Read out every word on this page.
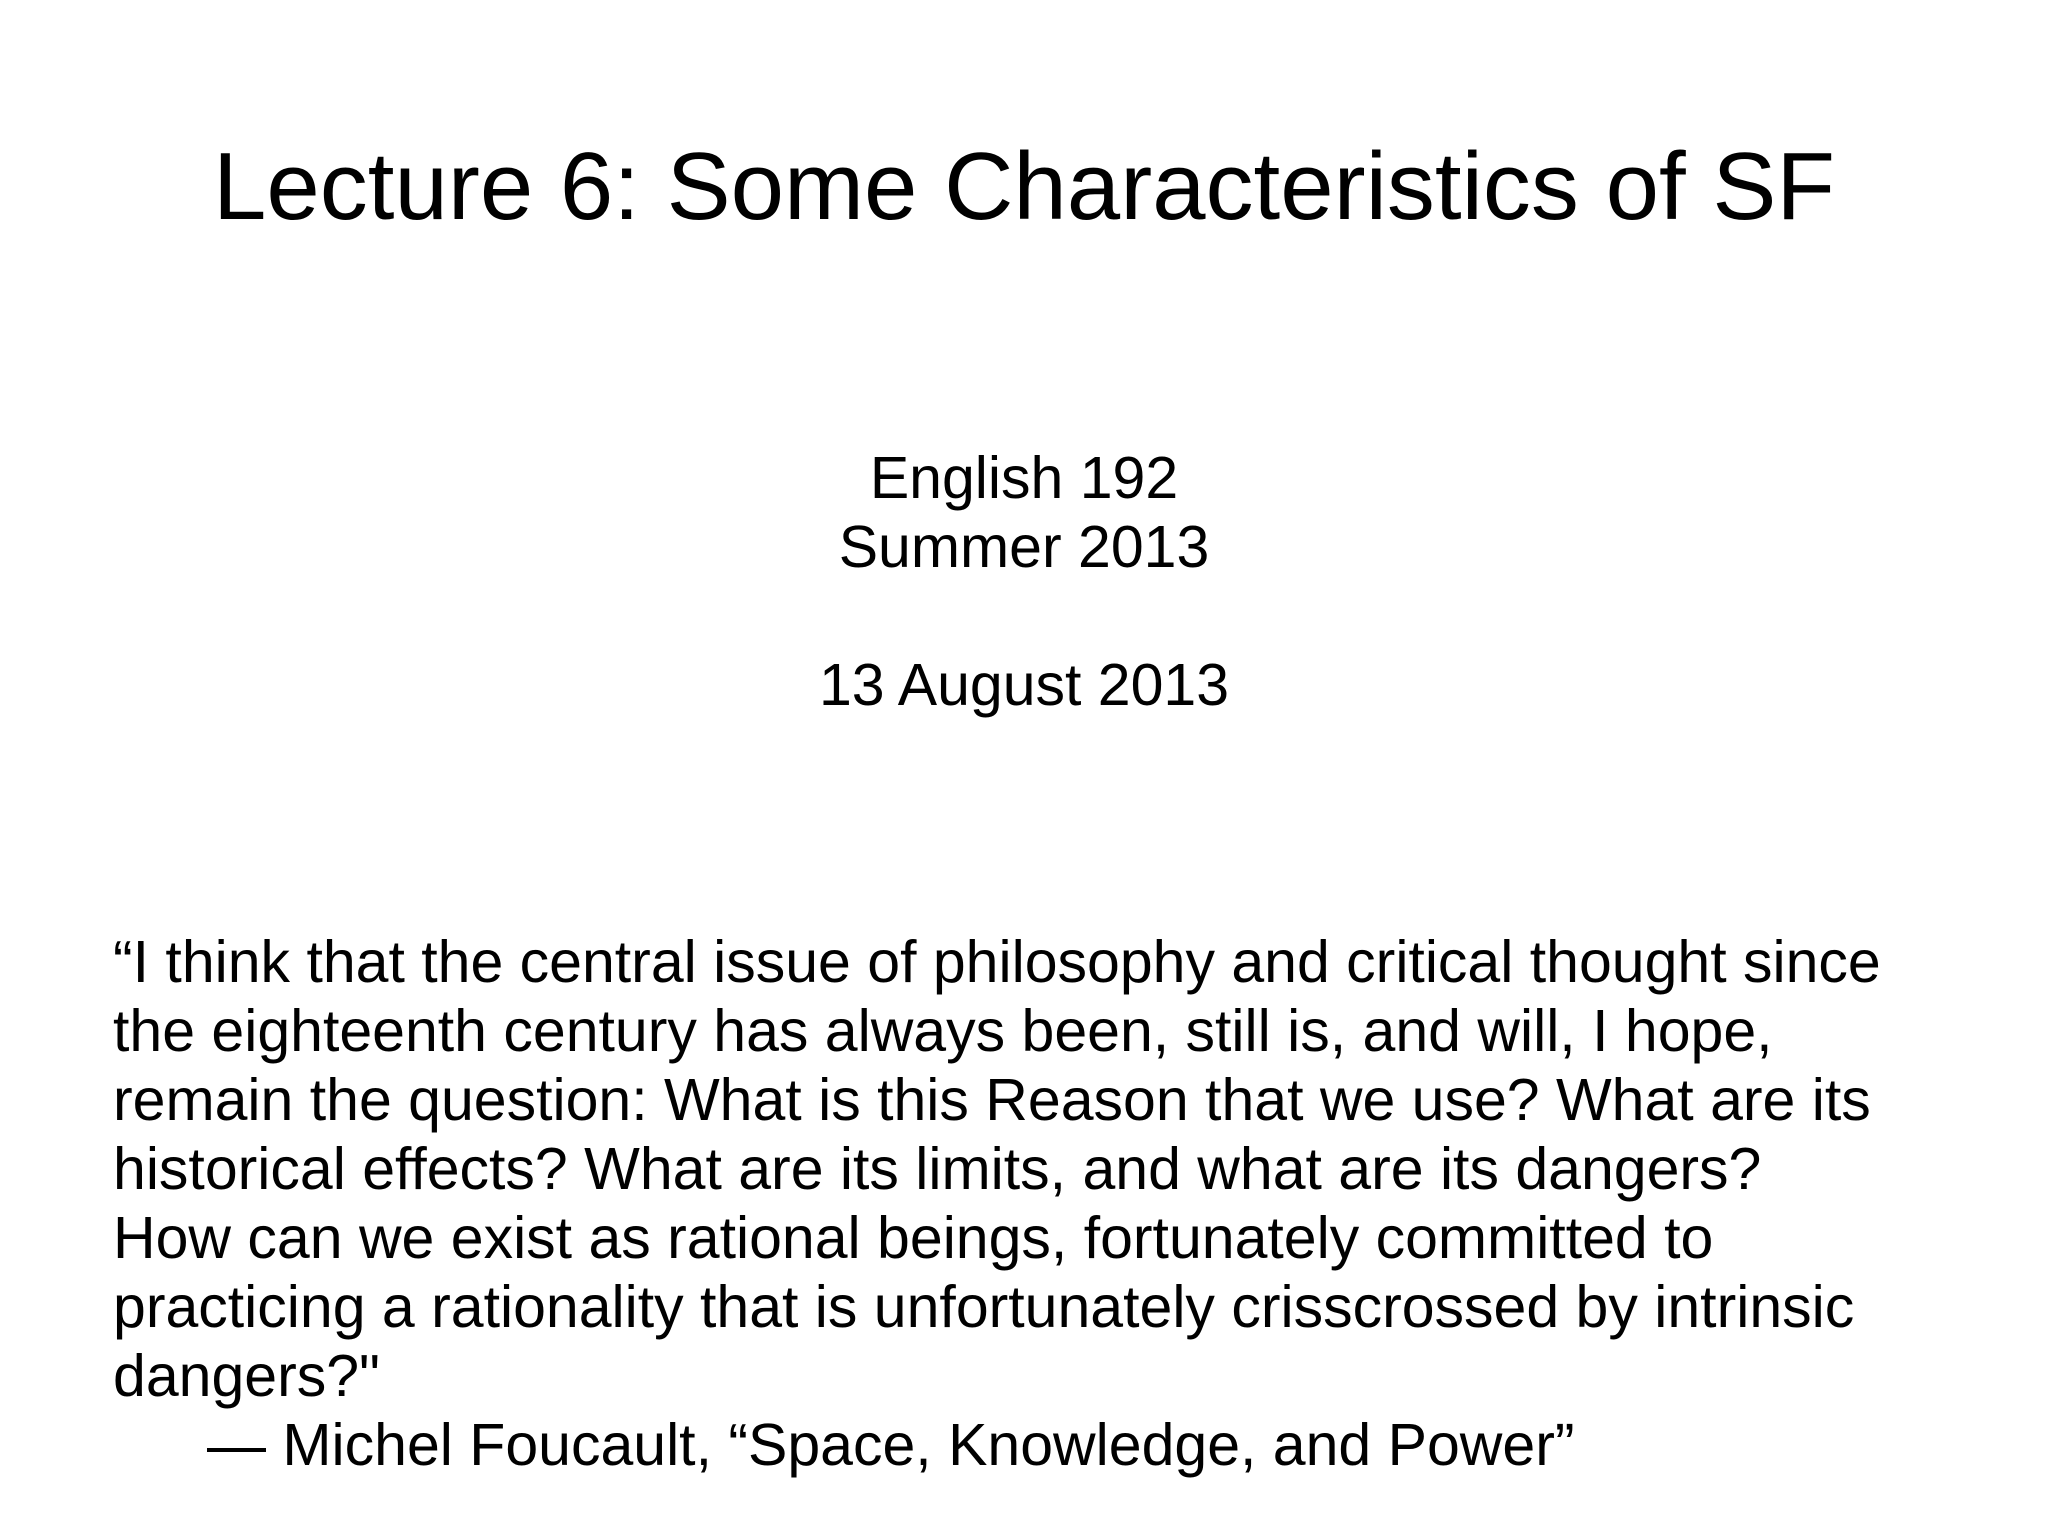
Lecture 6: Some Characteristics of SF
English 192
Summer 2013
13 August 2013
“I think that the central issue of philosophy and critical thought since
the eighteenth century has always been, still is, and will, I hope,
remain the question: What is this Reason that we use? What are its
historical effects? What are its limits, and what are its dangers?
How can we exist as rational beings, fortunately committed to
practicing a rationality that is unfortunately crisscrossed by intrinsic
dangers?"
— Michel Foucault, “Space, Knowledge, and Power”
